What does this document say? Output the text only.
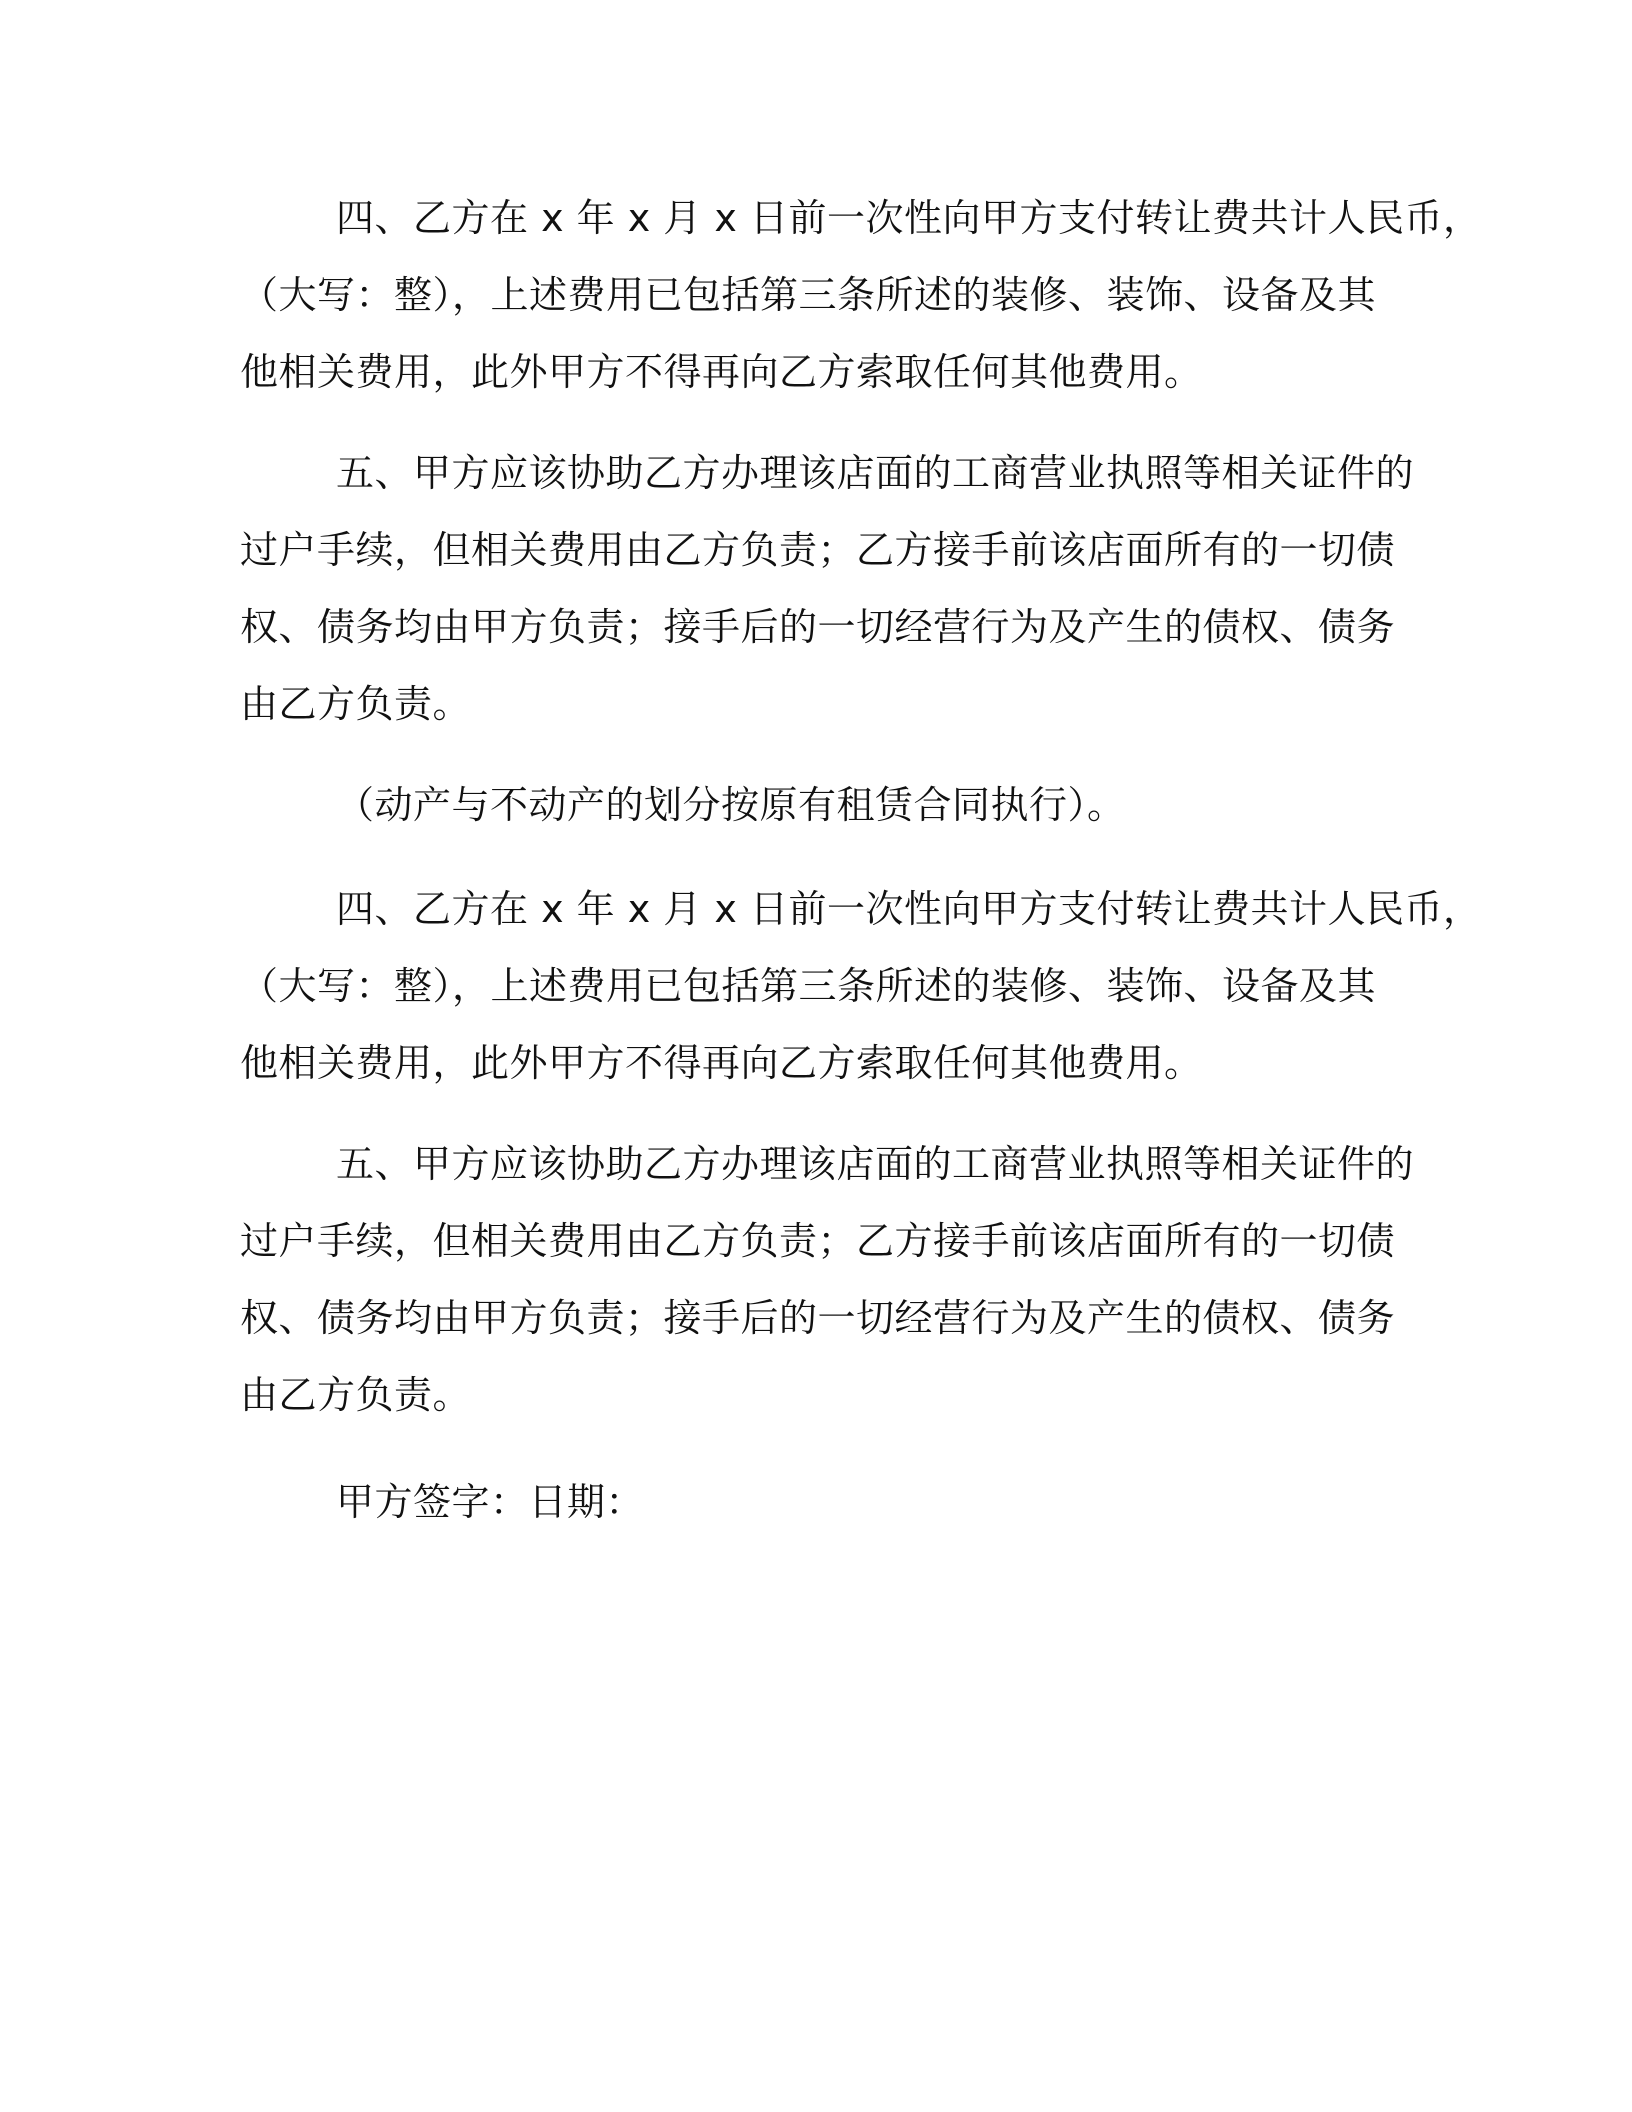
四、乙方在 x 年 x 月 x 日前一次性向甲方支付转让费共计人民币，
（大写：整），上述费用已包括第三条所述的装修、装饰、设备及其
他相关费用，此外甲方不得再向乙方索取任何其他费用。
五、甲方应该协助乙方办理该店面的工商营业执照等相关证件的
过户手续，但相关费用由乙方负责；乙方接手前该店面所有的一切债
权、债务均由甲方负责；接手后的一切经营行为及产生的债权、债务
由乙方负责。
（动产与不动产的划分按原有租赁合同执行）。
四、乙方在 x 年 x 月 x 日前一次性向甲方支付转让费共计人民币，
（大写：整），上述费用已包括第三条所述的装修、装饰、设备及其
他相关费用，此外甲方不得再向乙方索取任何其他费用。
五、甲方应该协助乙方办理该店面的工商营业执照等相关证件的
过户手续，但相关费用由乙方负责；乙方接手前该店面所有的一切债
权、债务均由甲方负责；接手后的一切经营行为及产生的债权、债务
由乙方负责。
甲方签字：日期：
